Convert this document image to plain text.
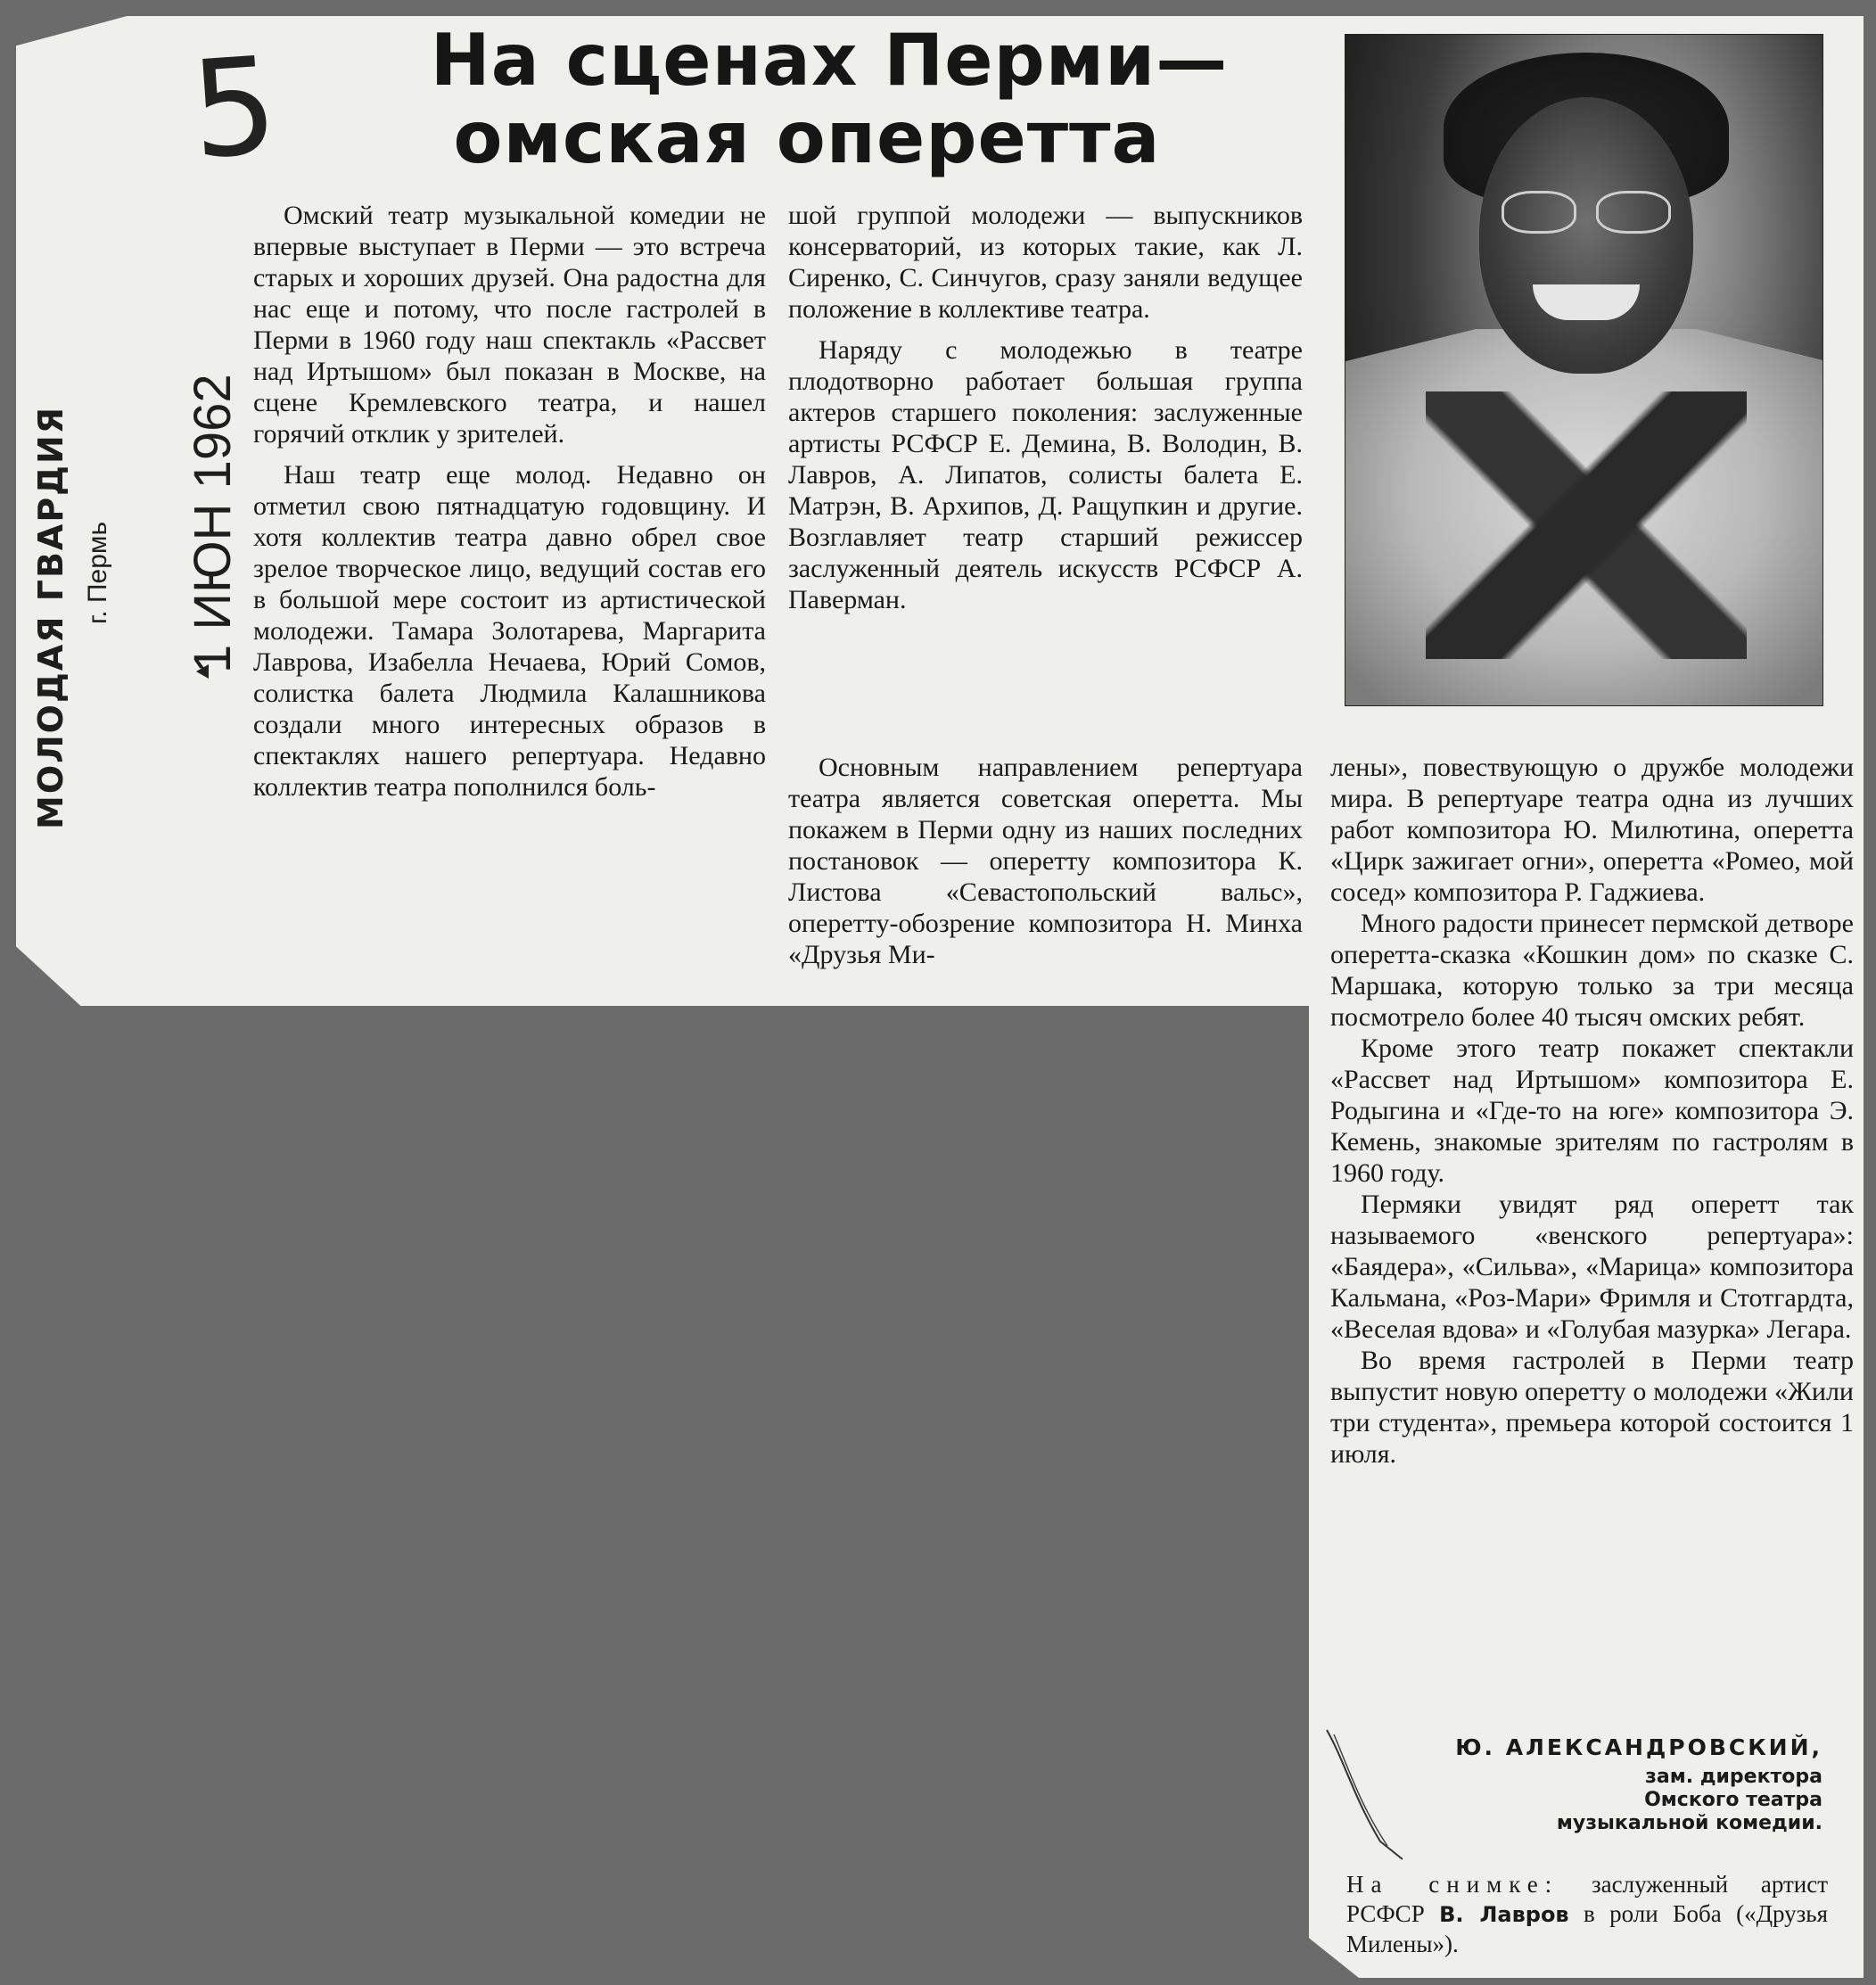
5
МОЛОДАЯ ГВАРДИЯ г. Пермь 1 ИЮН 1962
На сценах Перми—
омская оперетта

Омский театр музыкальной комедии не впервые выступает в Перми — это встреча старых и хороших друзей. Она радостна для нас еще и потому, что после гастролей в Перми в 1960 году наш спектакль «Рассвет над Иртышом» был показан в Москве, на сцене Кремлевского театра, и нашел горячий отклик у зрителей.

Наш театр еще молод. Недавно он отметил свою пятнадцатую годовщину. И хотя коллектив театра давно обрел свое зрелое творческое лицо, ведущий состав его в большой мере состоит из артистической молодежи. Тамара Золотарева, Маргарита Лаврова, Изабелла Нечаева, Юрий Сомов, солистка балета Людмила Калашникова создали много интересных образов в спектаклях нашего репертуара. Недавно коллектив театра пополнился боль-

шой группой молодежи — выпускников консерваторий, из которых такие, как Л. Сиренко, С. Синчугов, сразу заняли ведущее положение в коллективе театра.

Наряду с молодежью в театре плодотворно работает большая группа актеров старшего поколения: заслуженные артисты РСФСР Е. Демина, В. Володин, В. Лавров, А. Липатов, солисты балета Е. Матрэн, В. Архипов, Д. Ращупкин и другие. Возглавляет театр старший режиссер заслуженный деятель искусств РСФСР А. Паверман.

Основным направлением репертуара театра является советская оперетта. Мы покажем в Перми одну из наших последних постановок — оперетту композитора К. Листова «Севастопольский вальс», оперетту-обозрение композитора Н. Минха «Друзья Ми-

лены», повествующую о дружбе молодежи мира. В репертуаре театра одна из лучших работ композитора Ю. Милютина, оперетта «Цирк зажигает огни», оперетта «Ромео, мой сосед» композитора Р. Гаджиева.

Много радости принесет пермской детворе оперетта-сказка «Кошкин дом» по сказке С. Маршака, которую только за три месяца посмотрело более 40 тысяч омских ребят.

Кроме этого театр покажет спектакли «Рассвет над Иртышом» композитора Е. Родыгина и «Где-то на юге» композитора Э. Кемень, знакомые зрителям по гастролям в 1960 году.

Пермяки увидят ряд оперетт так называемого «венского репертуара»: «Баядера», «Сильва», «Марица» композитора Кальмана, «Роз-Мари» Фримля и Стотгардта, «Веселая вдова» и «Голубая мазурка» Легара.

Во время гастролей в Перми театр выпустит новую оперетту о молодежи «Жили три студента», премьера которой состоится 1 июля.

Ю. АЛЕКСАНДРОВСКИЙ,
зам. директора
Омского театра
музыкальной комедии.
На снимке: заслуженный артист РСФСР В. Лавров в роли Боба («Друзья Милены»).
